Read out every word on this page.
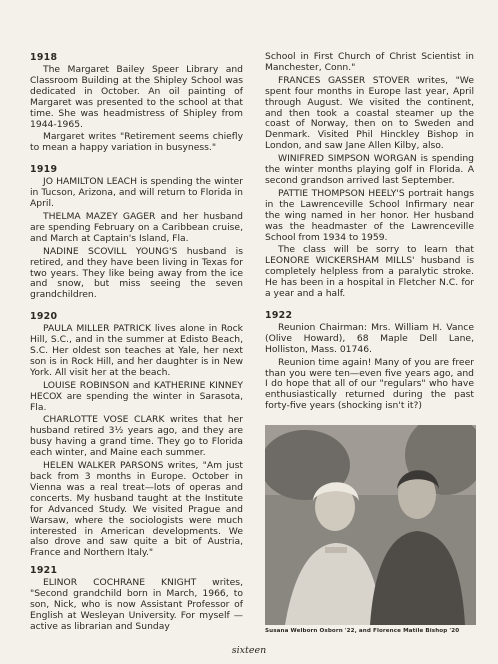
1918

The Margaret Bailey Speer Library and Classroom Building at the Shipley School was dedicated in October. An oil painting of Margaret was presented to the school at that time. She was headmistress of Shipley from 1944-1965.

Margaret writes "Retirement seems chiefly to mean a happy variation in busyness."

1919

JO HAMILTON LEACH is spending the winter in Tucson, Arizona, and will return to Florida in April.

THELMA MAZEY GAGER and her husband are spending February on a Caribbean cruise, and March at Captain's Island, Fla.

NADINE SCOVILL YOUNG'S husband is retired, and they have been living in Texas for two years. They like being away from the ice and snow, but miss seeing the seven grandchildren.

1920

PAULA MILLER PATRICK lives alone in Rock Hill, S.C., and in the summer at Edisto Beach, S.C. Her oldest son teaches at Yale, her next son is in Rock Hill, and her daughter is in New York. All visit her at the beach.

LOUISE ROBINSON and KATHERINE KINNEY HECOX are spending the winter in Sarasota, Fla.

CHARLOTTE VOSE CLARK writes that her husband retired 3½ years ago, and they are busy having a grand time. They go to Florida each winter, and Maine each summer.

HELEN WALKER PARSONS writes, "Am just back from 3 months in Europe. October in Vienna was a real treat—lots of operas and concerts. My husband taught at the Institute for Advanced Study. We visited Prague and Warsaw, where the sociologists were much interested in American developments. We also drove and saw quite a bit of Austria, France and Northern Italy."

1921

ELINOR COCHRANE KNIGHT writes, "Second grandchild born in March, 1966, to son, Nick, who is now Assistant Professor of English at Wesleyan University. For myself — active as librarian and Sunday

School in First Church of Christ Scientist in Manchester, Conn."

FRANCES GASSER STOVER writes, "We spent four months in Europe last year, April through August. We visited the continent, and then took a coastal steamer up the coast of Norway, then on to Sweden and Denmark. Visited Phil Hinckley Bishop in London, and saw Jane Allen Kilby, also.

WINIFRED SIMPSON WORGAN is spending the winter months playing golf in Florida. A second grandson arrived last September.

PATTIE THOMPSON HEELY'S portrait hangs in the Lawrenceville School Infirmary near the wing named in her honor. Her husband was the headmaster of the Lawrenceville School from 1934 to 1959.

The class will be sorry to learn that LEONORE WICKERSHAM MILLS' husband is completely helpless from a paralytic stroke. He has been in a hospital in Fletcher N.C. for a year and a half.

1922

Reunion Chairman: Mrs. William H. Vance (Olive Howard), 68 Maple Dell Lane, Holliston, Mass. 01746.

Reunion time again! Many of you are freer than you were ten—even five years ago, and I do hope that all of our "regulars" who have enthusiastically returned during the past forty-five years (shocking isn't it?)

Susana Welborn Osborn '22, and Florence Matile Bishop '20
sixteen
